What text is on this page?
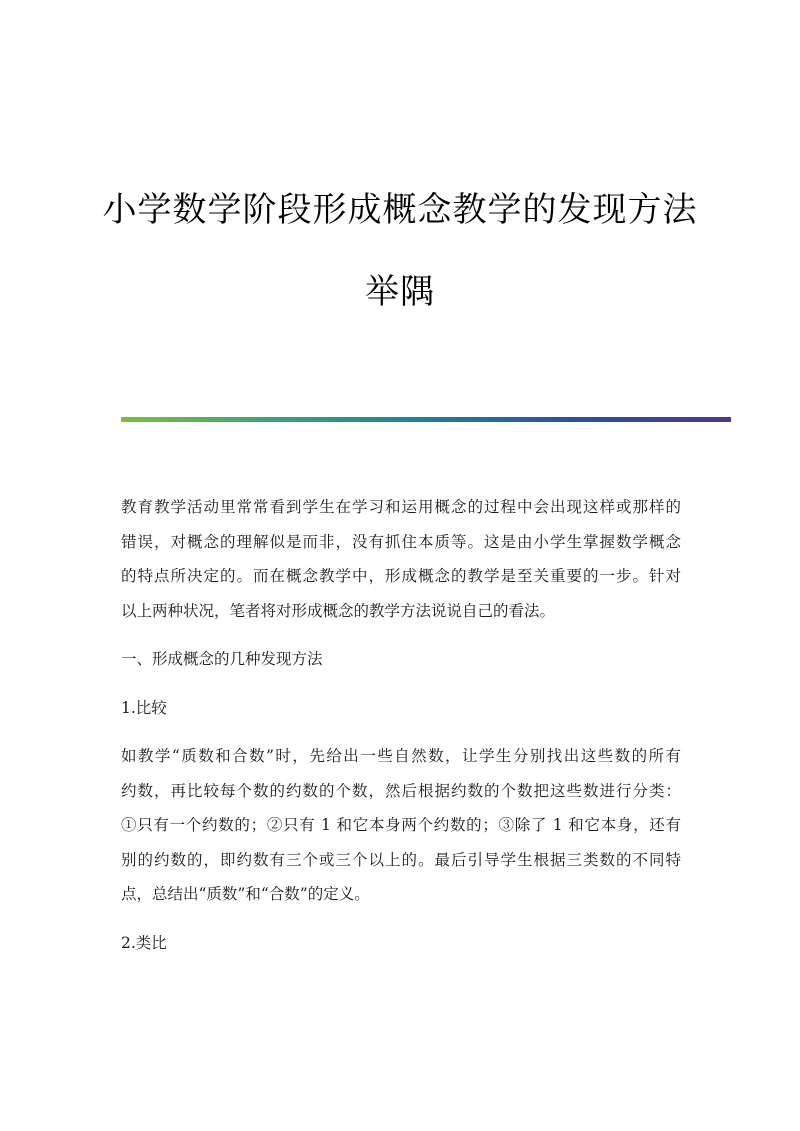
小学数学阶段形成概念教学的发现方法
举隅

教育教学活动里常常看到学生在学习和运用概念的过程中会出现这样或那样的
错误，对概念的理解似是而非，没有抓住本质等。这是由小学生掌握数学概念
的特点所决定的。而在概念教学中，形成概念的教学是至关重要的一步。针对
以上两种状况，笔者将对形成概念的教学方法说说自己的看法。

一、形成概念的几种发现方法

1.比较

如教学“质数和合数”时，先给出一些自然数，让学生分别找出这些数的所有
约数，再比较每个数的约数的个数，然后根据约数的个数把这些数进行分类：
①只有一个约数的；②只有 1 和它本身两个约数的；③除了 1 和它本身，还有
别的约数的，即约数有三个或三个以上的。最后引导学生根据三类数的不同特
点，总结出“质数”和“合数”的定义。

2.类比
